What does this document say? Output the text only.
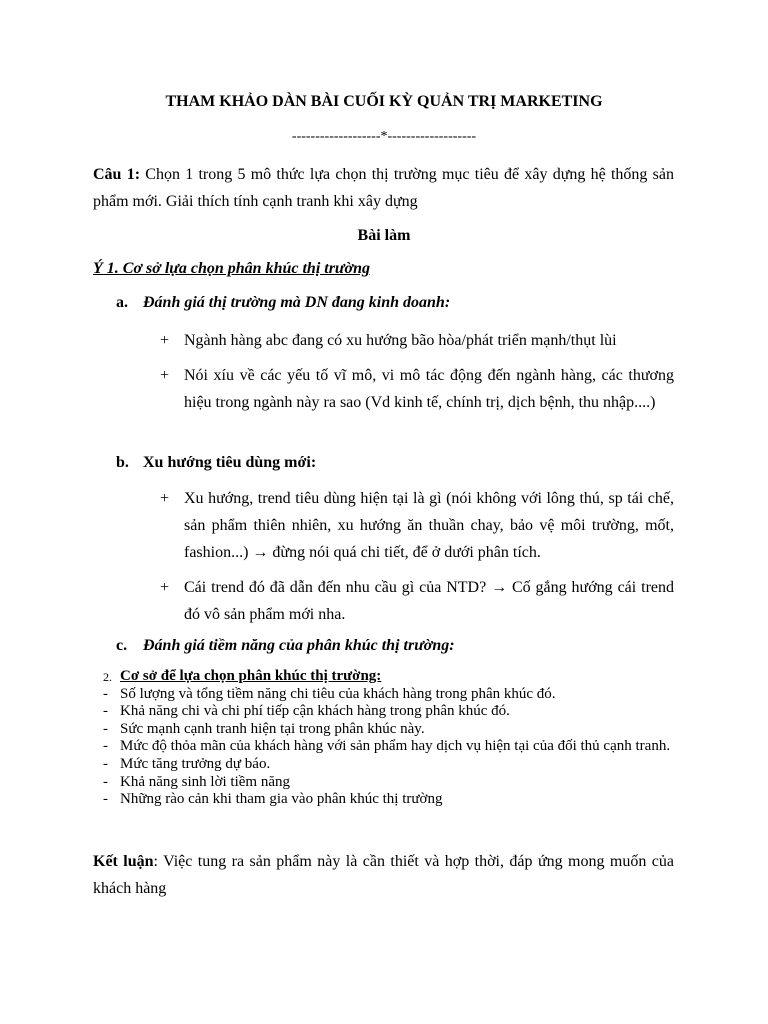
THAM KHẢO DÀN BÀI CUỐI KỲ QUẢN TRỊ MARKETING
-------------------*-------------------
Câu 1: Chọn 1 trong 5 mô thức lựa chọn thị trường mục tiêu để xây dựng hệ thống sản phẩm mới. Giải thích tính cạnh tranh khi xây dựng
Bài làm
Ý 1. Cơ sở lựa chọn phân khúc thị trường
a. Đánh giá thị trường mà DN đang kinh doanh:
+ Ngành hàng abc đang có xu hướng bão hòa/phát triển mạnh/thụt lùi
+ Nói xíu về các yếu tố vĩ mô, vi mô tác động đến ngành hàng, các thương hiệu trong ngành này ra sao (Vd kinh tế, chính trị, dịch bệnh, thu nhập....)
b. Xu hướng tiêu dùng mới:
+ Xu hướng, trend tiêu dùng hiện tại là gì (nói không với lông thú, sp tái chế, sản phẩm thiên nhiên, xu hướng ăn thuần chay, bảo vệ môi trường, mốt, fashion...) → đừng nói quá chi tiết, để ở dưới phân tích.
+ Cái trend đó đã dẫn đến nhu cầu gì của NTD? → Cố gắng hướng cái trend đó vô sản phẩm mới nha.
c. Đánh giá tiềm năng của phân khúc thị trường:
2. Cơ sở để lựa chọn phân khúc thị trường:
- Số lượng và tổng tiềm năng chi tiêu của khách hàng trong phân khúc đó.
- Khả năng chi và chi phí tiếp cận khách hàng trong phân khúc đó.
- Sức mạnh cạnh tranh hiện tại trong phân khúc này.
- Mức độ thỏa mãn của khách hàng với sản phẩm hay dịch vụ hiện tại của đối thủ cạnh tranh.
- Mức tăng trưởng dự báo.
- Khả năng sinh lời tiềm năng
- Những rào cản khi tham gia vào phân khúc thị trường
Kết luận: Việc tung ra sản phẩm này là cần thiết và hợp thời, đáp ứng mong muốn của khách hàng
